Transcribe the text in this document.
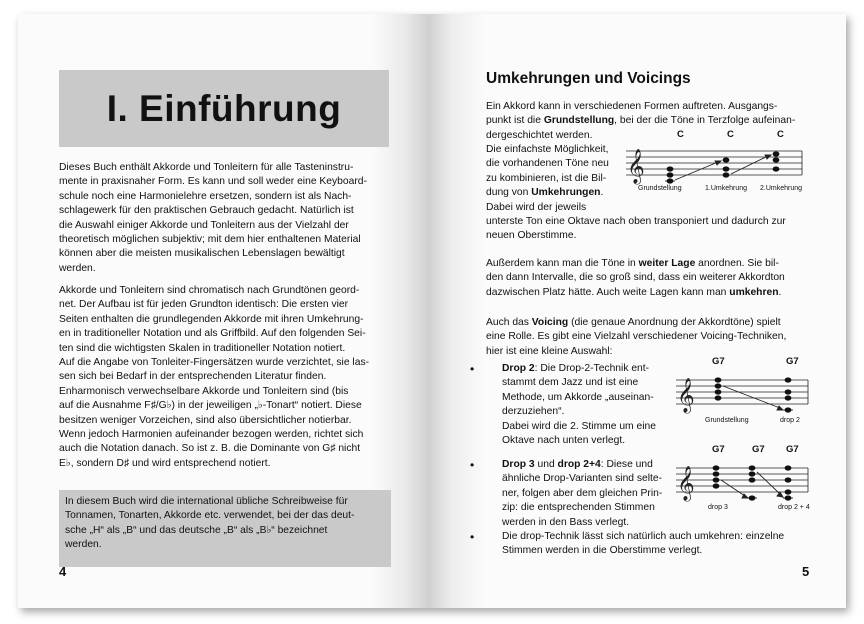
I. Einführung
Dieses Buch enthält Akkorde und Tonleitern für alle Tasteninstru-
mente in praxisnaher Form. Es kann und soll weder eine Keyboard-
schule noch eine Harmonielehre ersetzen, sondern ist als Nach-
schlagewerk für den praktischen Gebrauch gedacht. Natürlich ist
die Auswahl einiger Akkorde und Tonleitern aus der Vielzahl der
theoretisch möglichen subjektiv; mit dem hier enthaltenen Material
können aber die meisten musikalischen Lebenslagen bewältigt
werden.
Akkorde und Tonleitern sind chromatisch nach Grundtönen geord-
net. Der Aufbau ist für jeden Grundton identisch: Die ersten vier
Seiten enthalten die grundlegenden Akkorde mit ihren Umkehrung-
en in traditioneller Notation und als Griffbild. Auf den folgenden Sei-
ten sind die wichtigsten Skalen in traditioneller Notation notiert.
Auf die Angabe von Tonleiter-Fingersätzen wurde verzichtet, sie las-
sen sich bei Bedarf in der entsprechenden Literatur finden.
Enharmonisch verwechselbare Akkorde und Tonleitern sind (bis
auf die Ausnahme F♯/G♭) in der jeweiligen „♭-Tonart“ notiert. Diese
besitzen weniger Vorzeichen, sind also übersichtlicher notierbar.
Wenn jedoch Harmonien aufeinander bezogen werden, richtet sich
auch die Notation danach. So ist z. B. die Dominante von G♯ nicht
E♭, sondern D♯ und wird entsprechend notiert.
In diesem Buch wird die international übliche Schreibweise für
Tonnamen, Tonarten, Akkorde etc. verwendet, bei der das deut-
sche „H“ als „B“ und das deutsche „B“ als „B♭“ bezeichnet
werden.
4
Umkehrungen und Voicings
Ein Akkord kann in verschiedenen Formen auftreten. Ausgangs-
punkt ist die Grundstellung, bei der die Töne in Terzfolge aufeinan-
dergeschichtet werden.
Die einfachste Möglichkeit,
die vorhandenen Töne neu
zu kombinieren, ist die Bil-
dung von Umkehrungen.
Dabei wird der jeweils
unterste Ton eine Oktave nach oben transponiert und dadurch zur
neuen Oberstimme.
C	C	C
𝄞
Grundstellung	1.Umkehrung 2.Umkehrung
Außerdem kann man die Töne in weiter Lage anordnen. Sie bil-
den dann Intervalle, die so groß sind, dass ein weiterer Akkordton
dazwischen Platz hätte. Auch weite Lagen kann man umkehren.
Auch das Voicing (die genaue Anordnung der Akkordtöne) spielt
eine Rolle. Es gibt eine Vielzahl verschiedener Voicing-Techniken,
hier ist eine kleine Auswahl:
•	Drop 2: Die Drop-2-Technik ent-
stammt dem Jazz und ist eine
Methode, um Akkorde „auseinan-
derzuziehen“.
Dabei wird die 2. Stimme um eine
Oktave nach unten verlegt.
G7	G7
𝄞
Grundstellung	drop 2
•	Drop 3 und drop 2+4: Diese und
ähnliche Drop-Varianten sind selte-
ner, folgen aber dem gleichen Prin-
zip: die entsprechenden Stimmen
werden in den Bass verlegt.
G7	G7 G7
𝄞
drop 3	drop 2 + 4
•	Die drop-Technik lässt sich natürlich auch umkehren: einzelne
Stimmen werden in die Oberstimme verlegt.
5
